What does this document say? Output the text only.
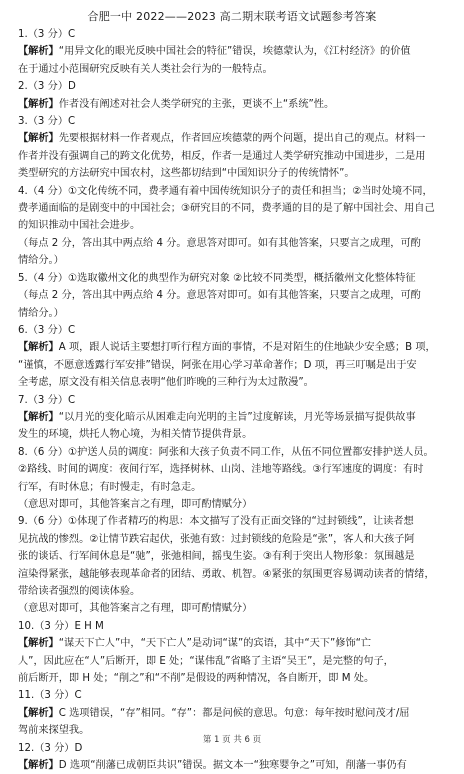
合肥一中 2022——2023 高二期末联考语文试题参考答案
1.（3 分）C
【解析】“用异文化的眼光反映中国社会的特征”错误，埃德蒙认为，《江村经济》的价值
在于通过小范围研究反映有关人类社会行为的一般特点。
2.（3 分）D
【解析】作者没有阐述对社会人类学研究的主张，更谈不上“系统”性。
3.（3 分）C
【解析】先要根据材料一作者观点，作者回应埃德蒙的两个问题，提出自己的观点。材料一
作者并没有强调自己的跨文化优势，相反，作者一是通过人类学研究推动中国进步，二是用
类型研究的方法研究中国农村，这些都切结到“中国知识分子的传统情怀”。
4.（4 分）①文化传统不同，费孝通有着中国传统知识分子的责任和担当；②当时处境不同，
费孝通面临的是剧变中的中国社会；③研究目的不同，费孝通的目的是了解中国社会、用自己
的知识推动中国社会进步。
（每点 2 分，答出其中两点给 4 分。意思答对即可。如有其他答案，只要言之成理，可酌
情给分。）
5.（4 分）①选取徽州文化的典型作为研究对象 ②比较不同类型，概括徽州文化整体特征
（每点 2 分，答出其中两点给 4 分。意思答对即可。如有其他答案，只要言之成理，可酌
情给分。）
6.（3 分）C
【解析】A 项，跟人说话主要想打听行程方面的事情，不是对陌生的住地缺少安全感；B 项，
“谨慎，不愿意透露行军安排”错误，阿张在用心学习革命著作；D 项，再三叮嘱是出于安
全考虑，原文没有相关信息表明“他们昨晚的三种行为太过散漫”。
7.（3 分）C
【解析】“以月光的变化暗示从困难走向光明的主旨”过度解读，月光等场景描写提供故事
发生的环境，烘托人物心境，为相关情节提供背景。
8.（6 分）①护送人员的调度：阿张和大孩子负责不同工作，从伍不同位置都安排护送人员。
②路线、时间的调度：夜间行军，选择树林、山岗、洼地等路线。③行军速度的调度：有时
行军，有时休息；有时慢走，有时急走。
（意思对即可，其他答案言之有理，即可酌情赋分）
9.（6 分）①体现了作者精巧的构思：本文描写了没有正面交锋的“过封锁线”，让读者想
见抗战的惨烈。②让情节跌宕起伏，张弛有致：过封锁线的危险是“张”，客人和大孩子阿
张的谈话、行军间休息是“驰”，张弛相间，摇曳生姿。③有利于突出人物形象：氛围越是
渲染得紧张，越能够表现革命者的团结、勇敢、机智。④紧张的氛围更容易调动读者的情绪，
带给读者强烈的阅读体验。
（意思对即可，其他答案言之有理，即可酌情赋分）
10.（3 分）E H M
【解析】“谋天下亡人”中，“天下亡人”是动词“谋”的宾语，其中“天下”修饰“亡
人”，因此应在“人”后断开，即 E 处；“谋伟乱”省略了主语“吴王”，是完整的句子，
前后断开，即 H 处；“削之”和“不削”是假设的两种情况，各自断开，即 M 处。
11.（3 分）C
【解析】C 选项错误，“存”相同。“存”：都是问候的意思。句意：每年按时慰问茂才/屈
驾前来探望我。
12.（3 分）D
【解析】D 选项“削藩已成朝臣共识”错误。据文本一“独寒婴争之”可知，削藩一事仍有
第 1 页 共 6 页
